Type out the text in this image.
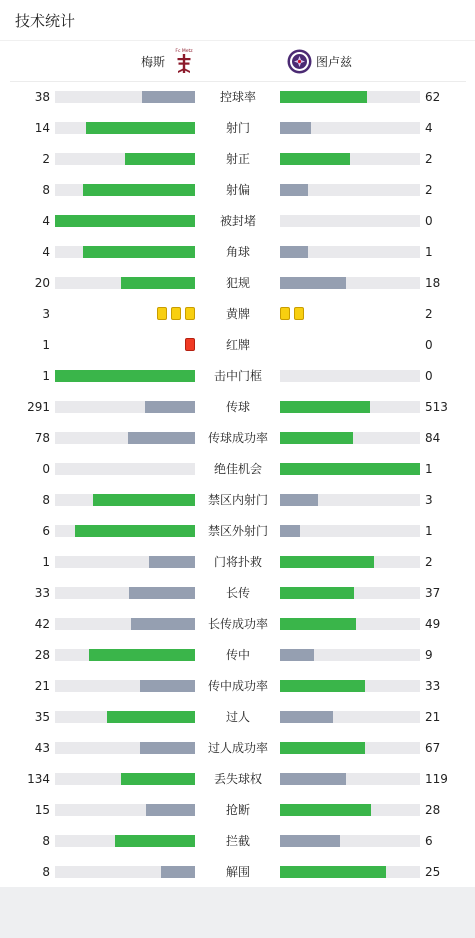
技术统计
梅斯
Fc Metz
图卢兹
38	控球率	62
14	射门	4
2	射正	2
8	射偏	2
4	被封堵	0
4	角球	1
20	犯规	18
3	黄牌	2
1	红牌	0
1	击中门框	0
291	传球	513
78	传球成功率	84
0	绝佳机会	1
8	禁区内射门	3
6	禁区外射门	1
1	门将扑救	2
33	长传	37
42	长传成功率	49
28	传中	9
21	传中成功率	33
35	过人	21
43	过人成功率	67
134	丢失球权	119
15	抢断	28
8	拦截	6
8	解围	25
